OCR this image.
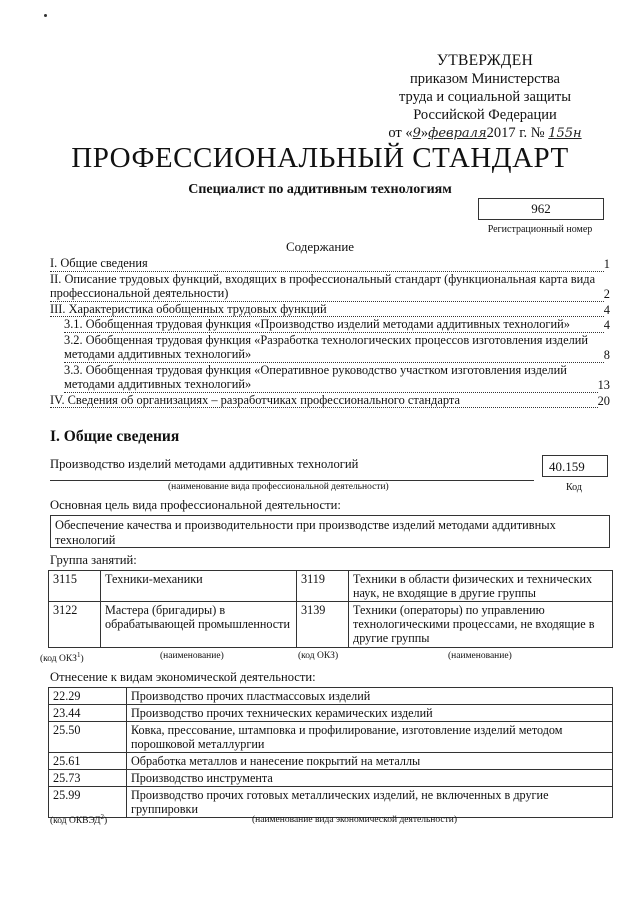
УТВЕРЖДЕН
приказом Министерства
труда и социальной защиты
Российской Федерации
от «9»февраля2017 г. № 155н
ПРОФЕССИОНАЛЬНЫЙ СТАНДАРТ
Специалист по аддитивным технологиям
962
Регистрационный номер
Содержание
I. Общие сведения	1
II. Описание трудовых функций, входящих в профессиональный стандарт (функциональная карта вида профессиональной деятельности)	2
III. Характеристика обобщенных трудовых функций	4
3.1. Обобщенная трудовая функция «Производство изделий методами аддитивных технологий»	4
3.2. Обобщенная трудовая функция «Разработка технологических процессов изготовления изделий методами аддитивных технологий»	8
3.3. Обобщенная трудовая функция «Оперативное руководство участком изготовления изделий методами аддитивных технологий»	13
IV. Сведения об организациях – разработчиках профессионального стандарта	20
I. Общие сведения
Производство изделий методами аддитивных технологий
(наименование вида профессиональной деятельности)
40.159
Код
Основная цель вида профессиональной деятельности:
Обеспечение качества и производительности при производстве изделий методами аддитивных технологий
Группа занятий:
3115	Техники-механики	3119	Техники в области физических и технических наук, не входящие в другие группы
3122	Мастера (бригадиры) в обрабатывающей промышленности	3139	Техники (операторы) по управлению технологическими процессами, не входящие в другие группы
(код ОКЗ$^1$)	(наименование)	(код ОКЗ)	(наименование)
Отнесение к видам экономической деятельности:
22.29	Производство прочих пластмассовых изделий
23.44	Производство прочих технических керамических изделий
25.50	Ковка, прессование, штамповка и профилирование, изготовление изделий методом порошковой металлургии
25.61	Обработка металлов и нанесение покрытий на металлы
25.73	Производство инструмента
25.99	Производство прочих готовых металлических изделий, не включенных в другие группировки
(код ОКВЭД$^2$)	(наименование вида экономической деятельности)
